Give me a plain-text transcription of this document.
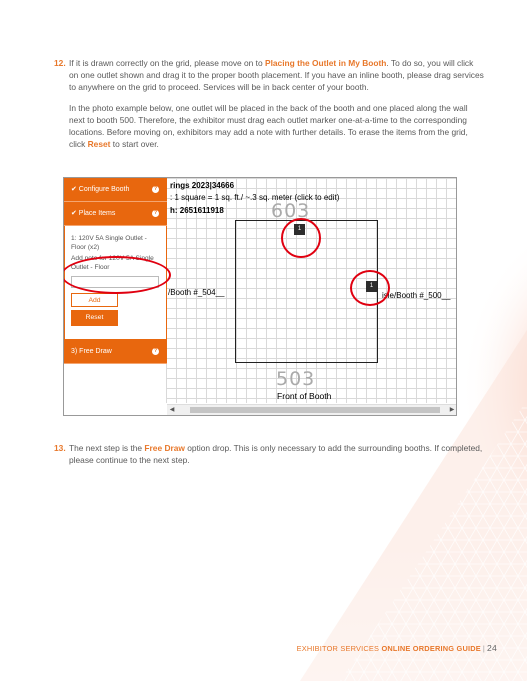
12. If it is drawn correctly on the grid, please move on to Placing the Outlet in My Booth. To do so, you will click on one outlet shown and drag it to the proper booth placement. If you have an inline booth, please drag services to anywhere on the grid to proceed. Services will be in back center of your booth.

In the photo example below, one outlet will be placed in the back of the booth and one placed along the wall next to booth 500. Therefore, the exhibitor must drag each outlet marker one-at-a-time to the corresponding locations. Before moving on, exhibitors may add a note with further details. To erase the items from the grid, click Reset to start over.

rings 2023|34666
: 1 square = 1 sq. ft./ ~.3 sq. meter (click to edit)
h: 2651611918 603
1
1
/Booth #_504__	isle/Booth #_500__
503
Front of Booth
✔ Configure Booth	?
✔ Place Items	?
1: 120V 5A Single Outlet - Floor (x2)
Add note for 120V 5A Single Outlet - Floor
Add
Reset
3) Free Draw	?
◀	▶
13. The next step is the Free Draw option drop. This is only necessary to add the surrounding booths. If completed, please continue to the next step.

EXHIBITOR SERVICES ONLINE ORDERING GUIDE | 24
